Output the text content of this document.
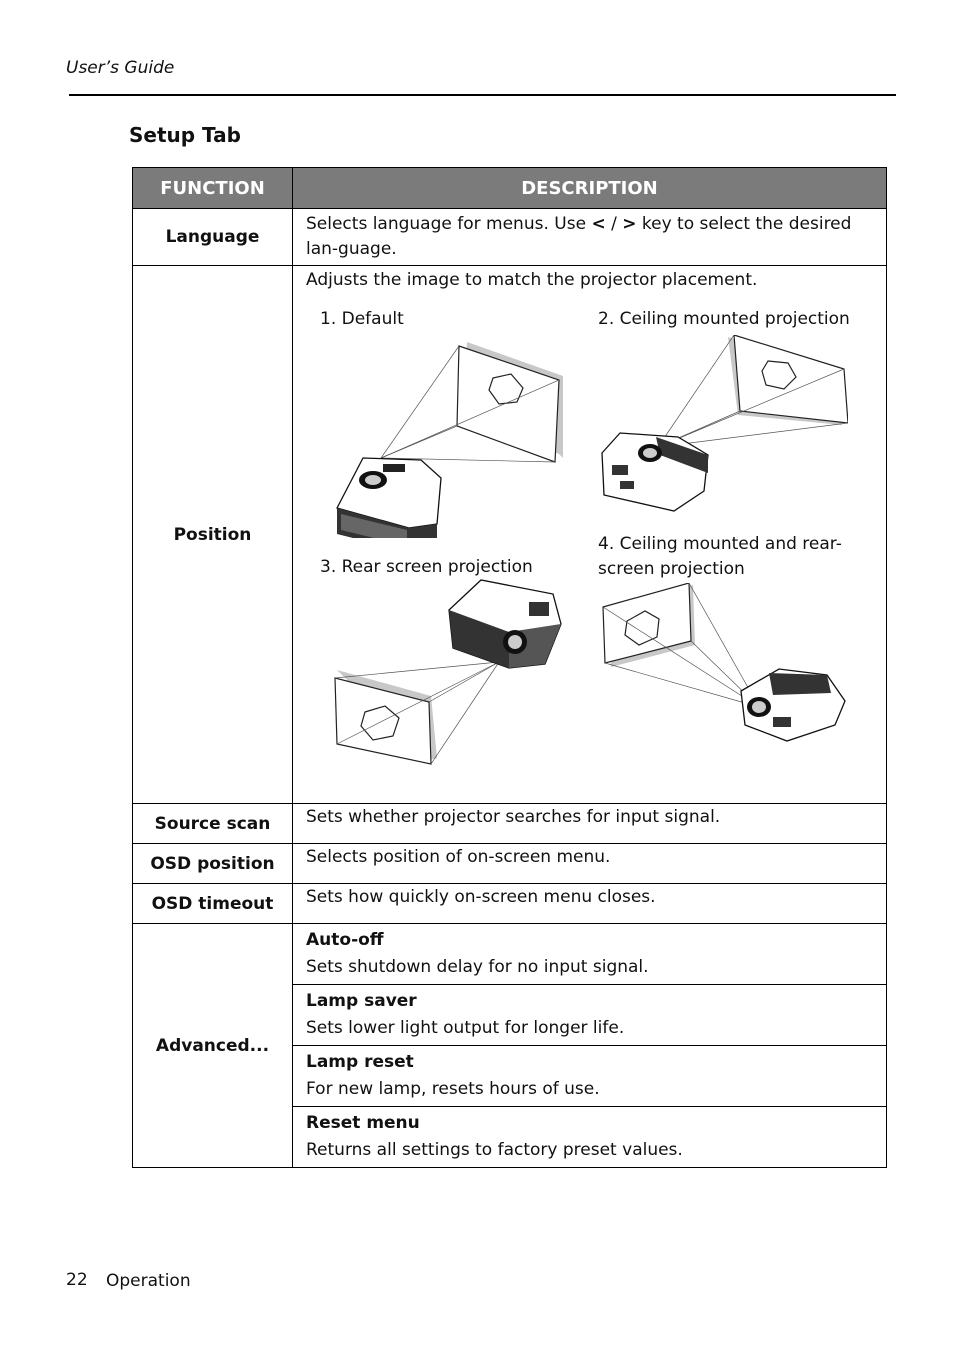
User’s Guide
Setup Tab
FUNCTION	DESCRIPTION
Language	Selects language for menus. Use < / > key to select the desired lan-guage.
Position	Adjusts the image to match the projector placement.
1. Default 2. Ceiling mounted projection
3. Rear screen projection
4. Ceiling mounted and rear-screen projection

Source scan	Sets whether projector searches for input signal.
OSD position	Selects position of on-screen menu.
OSD timeout	Sets how quickly on-screen menu closes.
Advanced...	Auto-off
Sets shutdown delay for no input signal.

	Lamp saver
Sets lower light output for longer life.

	Lamp reset
For new lamp, resets hours of use.

	Reset menu
Returns all settings to factory preset values.
22 Operation
